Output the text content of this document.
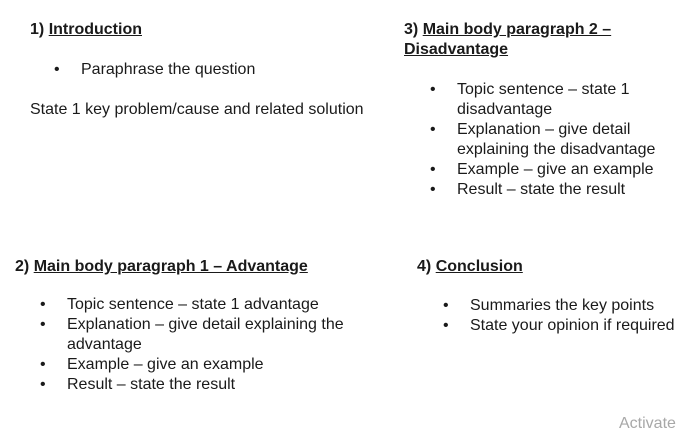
1) Introduction

• Paraphrase the question

State 1 key problem/cause and related solution

3) Main body paragraph 2 – Disadvantage

• Topic sentence – state 1 disadvantage
• Explanation – give detail explaining the disadvantage
• Example – give an example
• Result – state the result

2) Main body paragraph 1 – Advantage

• Topic sentence – state 1 advantage
• Explanation – give detail explaining the advantage
• Example – give an example
• Result – state the result

4) Conclusion

• Summaries the key points
• State your opinion if required
Activate
